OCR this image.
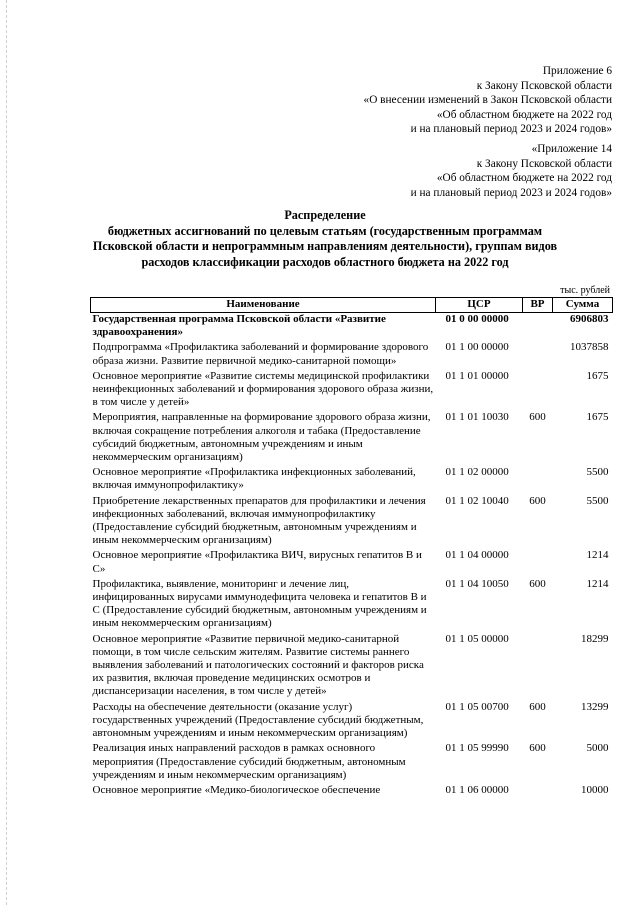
Приложение 6
к Закону Псковской области
«О внесении изменений в Закон Псковской области
«Об областном бюджете на 2022 год
и на плановый период 2023 и 2024 годов»
«Приложение 14
к Закону Псковской области
«Об областном бюджете на 2022 год
и на плановый период 2023 и 2024 годов»
Распределение
бюджетных ассигнований по целевым статьям (государственным программам
Псковской области и непрограммным направлениям деятельности), группам видов
расходов классификации расходов областного бюджета на 2022 год
тыс. рублей
Наименование	ЦСР	ВР	Сумма
Государственная программа Псковской области «Развитие здравоохранения»	01 0 00 00000		6906803
Подпрограмма «Профилактика заболеваний и формирование здорового образа жизни. Развитие первичной медико-санитарной помощи»	01 1 00 00000		1037858
Основное мероприятие «Развитие системы медицинской профилактики неинфекционных заболеваний и формирования здорового образа жизни, в том числе у детей»	01 1 01 00000		1675
Мероприятия, направленные на формирование здорового образа жизни, включая сокращение потребления алкоголя и табака (Предоставление субсидий бюджетным, автономным учреждениям и иным некоммерческим организациям)	01 1 01 10030	600	1675
Основное мероприятие «Профилактика инфекционных заболеваний, включая иммунопрофилактику»	01 1 02 00000		5500
Приобретение лекарственных препаратов для профилактики и лечения инфекционных заболеваний, включая иммунопрофилактику (Предоставление субсидий бюджетным, автономным учреждениям и иным некоммерческим организациям)	01 1 02 10040	600	5500
Основное мероприятие «Профилактика ВИЧ, вирусных гепатитов В и С»	01 1 04 00000		1214
Профилактика, выявление, мониторинг и лечение лиц, инфицированных вирусами иммунодефицита человека и гепатитов В и С (Предоставление субсидий бюджетным, автономным учреждениям и иным некоммерческим организациям)	01 1 04 10050	600	1214
Основное мероприятие «Развитие первичной медико-санитарной помощи, в том числе сельским жителям. Развитие системы раннего выявления заболеваний и патологических состояний и факторов риска их развития, включая проведение медицинских осмотров и диспансеризации населения, в том числе у детей»	01 1 05 00000		18299
Расходы на обеспечение деятельности (оказание услуг) государственных учреждений (Предоставление субсидий бюджетным, автономным учреждениям и иным некоммерческим организациям)	01 1 05 00700	600	13299
Реализация иных направлений расходов в рамках основного мероприятия (Предоставление субсидий бюджетным, автономным учреждениям и иным некоммерческим организациям)	01 1 05 99990	600	5000
Основное мероприятие «Медико-биологическое обеспечение	01 1 06 00000		10000
